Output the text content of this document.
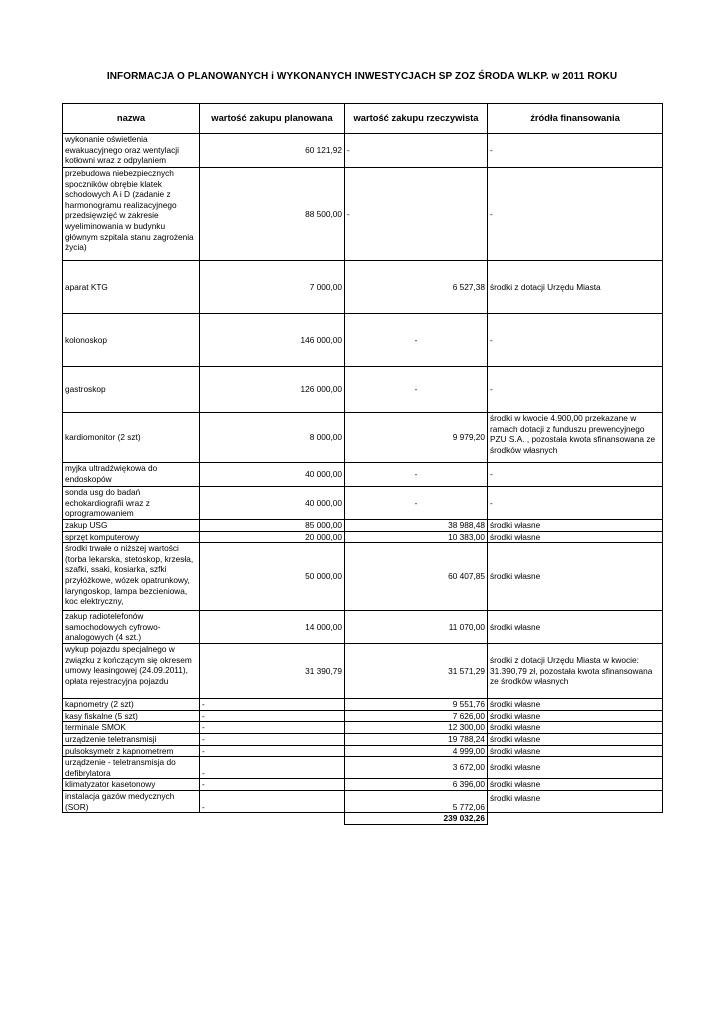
INFORMACJA O PLANOWANYCH i WYKONANYCH INWESTYCJACH SP ZOZ ŚRODA WLKP. w 2011 ROKU
nazwa	wartość zakupu planowana	wartość zakupu rzeczywista	źródła finansowania
wykonanie oświetlenia ewakuacyjnego oraz wentylacji kotłowni wraz z odpylaniem	60 121,92	-	-
przebudowa niebezpiecznych spoczników obrębie klatek schodowych A i D (zadanie z harmonogramu realizacyjnego przedsięwzięć w zakresie wyeliminowania w budynku głównym szpitala stanu zagrożenia życia)	88 500,00	-	-
aparat KTG	7 000,00	6 527,38	środki z dotacji Urzędu Miasta
kolonoskop	146 000,00	-	-
gastroskop	126 000,00	-	-
kardiomonitor (2 szt)	8 000,00	9 979,20	środki w kwocie 4.900,00 przekazane w ramach dotacji z funduszu prewencyjnego PZU S.A. , pozostała kwota sfinansowana ze środków własnych
myjka ultradźwiękowa do endoskopów	40 000,00	-	-
sonda usg do badań echokardiografii wraz z oprogramowaniem	40 000,00	-	-
zakup USG	85 000,00	38 988,48	środki własne
sprzęt komputerowy	20 000,00	10 383,00	środki własne
środki trwałe o niższej wartości (torba lekarska, stetoskop, krzesła, szafki, ssaki, kosiarka, szfki przyłóżkowe, wózek opatrunkowy, laryngoskop, lampa bezcieniowa, koc elektryczny,	50 000,00	60 407,85	środki własne
zakup radiotelefonów samochodowych cyfrowo-analogowych (4 szt.)	14 000,00	11 070,00	środki własne
wykup pojazdu specjalnego w związku z kończącym się okresem umowy leasingowej (24.09.2011), opłata rejestracyjna pojazdu	31 390,79	31 571,29	środki z dotacji Urzędu Miasta w kwocie: 31.390,79 zł, pozostała kwota sfinansowana ze środków własnych
kapnometry (2 szt)	-	9 551,76	środki własne
kasy fiskalne (5 szt)	-	7 626,00	środki własne
terminale SMOK	-	12 300,00	środki własne
urządzenie teletransmisji	-	19 788,24	środki własne
pulsoksymetr z kapnometrem	-	4 999,00	środki własne
urządzenie - teletransmisja do defibrylatora	-	3 672,00	środki własne
klimatyzator kasetonowy	-	6 396,00	środki własne
instalacja gazów medycznych (SOR)	-	5 772,06	środki własne
		239 032,26	
